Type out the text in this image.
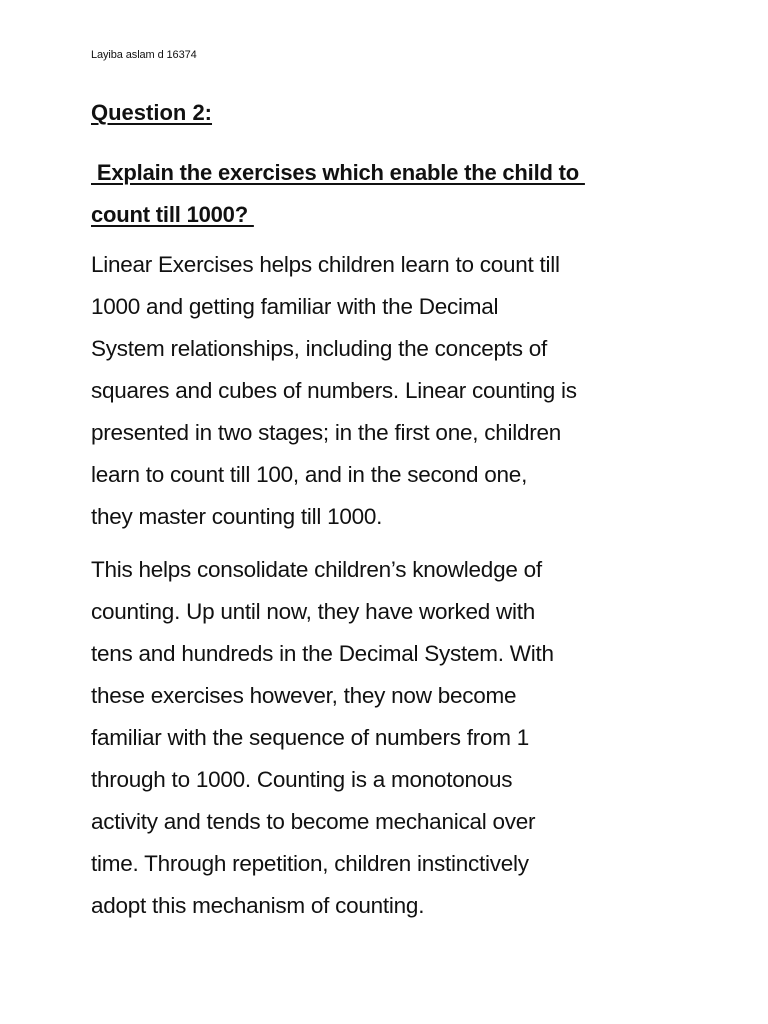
Layiba aslam d 16374
Question 2:
Explain the exercises which enable the child to
count till 1000?
Linear Exercises helps children learn to count till
1000 and getting familiar with the Decimal
System relationships, including the concepts of
squares and cubes of numbers. Linear counting is
presented in two stages; in the first one, children
learn to count till 100, and in the second one,
they master counting till 1000.
This helps consolidate children’s knowledge of
counting. Up until now, they have worked with
tens and hundreds in the Decimal System. With
these exercises however, they now become
familiar with the sequence of numbers from 1
through to 1000. Counting is a monotonous
activity and tends to become mechanical over
time. Through repetition, children instinctively
adopt this mechanism of counting.
